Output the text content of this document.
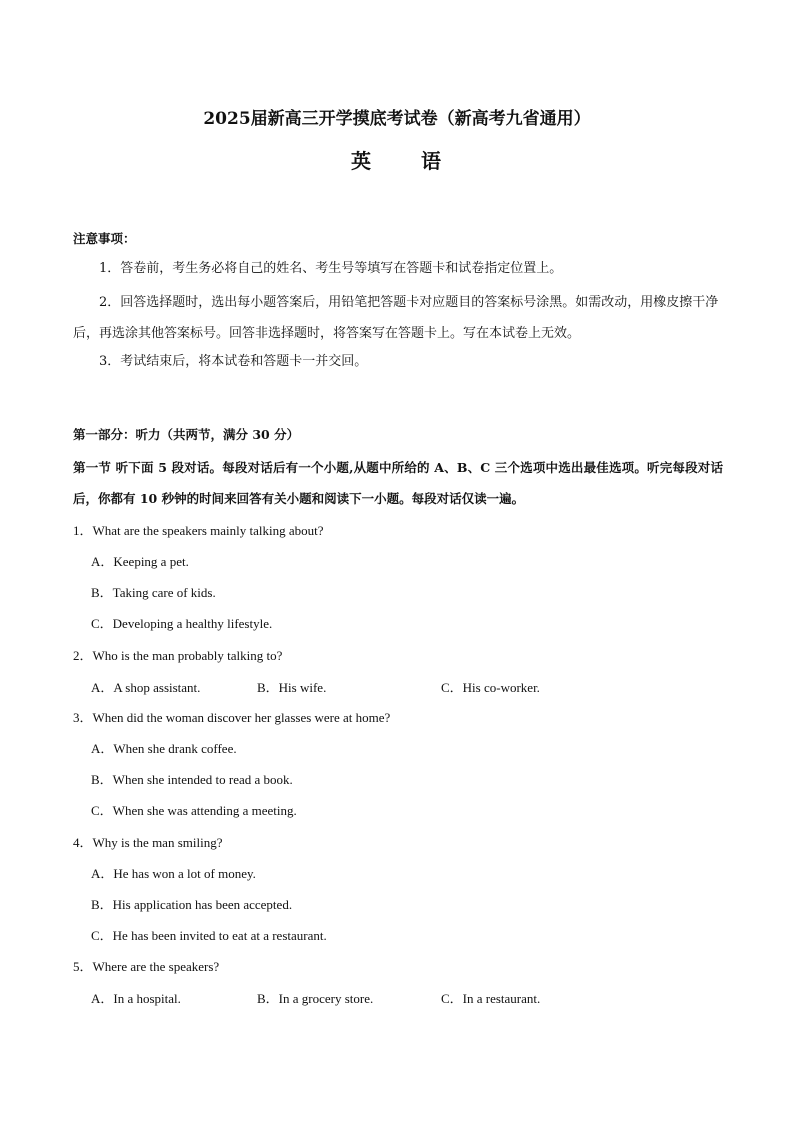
2025届新高三开学摸底考试卷（新高考九省通用）
英 语
注意事项：
1．答卷前，考生务必将自己的姓名、考生号等填写在答题卡和试卷指定位置上。
2．回答选择题时，选出每小题答案后，用铅笔把答题卡对应题目的答案标号涂黑。如需改动，用橡皮擦干净后，再选涂其他答案标号。回答非选择题时，将答案写在答题卡上。写在本试卷上无效。
3．考试结束后，将本试卷和答题卡一并交回。
第一部分：听力（共两节，满分 30 分）
第一节 听下面 5 段对话。每段对话后有一个小题,从题中所给的 A、B、C 三个选项中选出最佳选项。听完每段对话后，你都有 10 秒钟的时间来回答有关小题和阅读下一小题。每段对话仅读一遍。
1．What are the speakers mainly talking about?
A．Keeping a pet.
B．Taking care of kids.
C．Developing a healthy lifestyle.
2．Who is the man probably talking to?
A．A shop assistant.	B．His wife.	C．His co-worker.
3．When did the woman discover her glasses were at home?
A．When she drank coffee.
B．When she intended to read a book.
C．When she was attending a meeting.
4．Why is the man smiling?
A．He has won a lot of money.
B．His application has been accepted.
C．He has been invited to eat at a restaurant.
5．Where are the speakers?
A．In a hospital.	B．In a grocery store.	C．In a restaurant.
